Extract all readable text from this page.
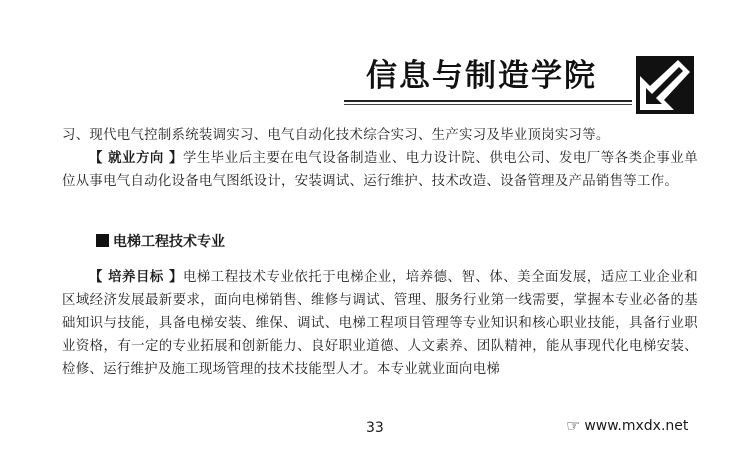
信息与制造学院

习、现代电气控制系统装调实习、电气自动化技术综合实习、生产实习及毕业顶岗实习等。

【 就业方向 】学生毕业后主要在电气设备制造业、电力设计院、供电公司、发电厂等各类企事业单位从事电气自动化设备电气图纸设计，安装调试、运行维护、技术改造、设备管理及产品销售等工作。

电梯工程技术专业

【 培养目标 】电梯工程技术专业依托于电梯企业，培养德、智、体、美全面发展，适应工业企业和区域经济发展最新要求，面向电梯销售、维修与调试、管理、服务行业第一线需要，掌握本专业必备的基础知识与技能，具备电梯安装、维保、调试、电梯工程项目管理等专业知识和核心职业技能，具备行业职业资格，有一定的专业拓展和创新能力、良好职业道德、人文素养、团队精神，能从事现代化电梯安装、检修、运行维护及施工现场管理的技术技能型人才。本专业就业面向电梯

33	☞ www.mxdx.net
